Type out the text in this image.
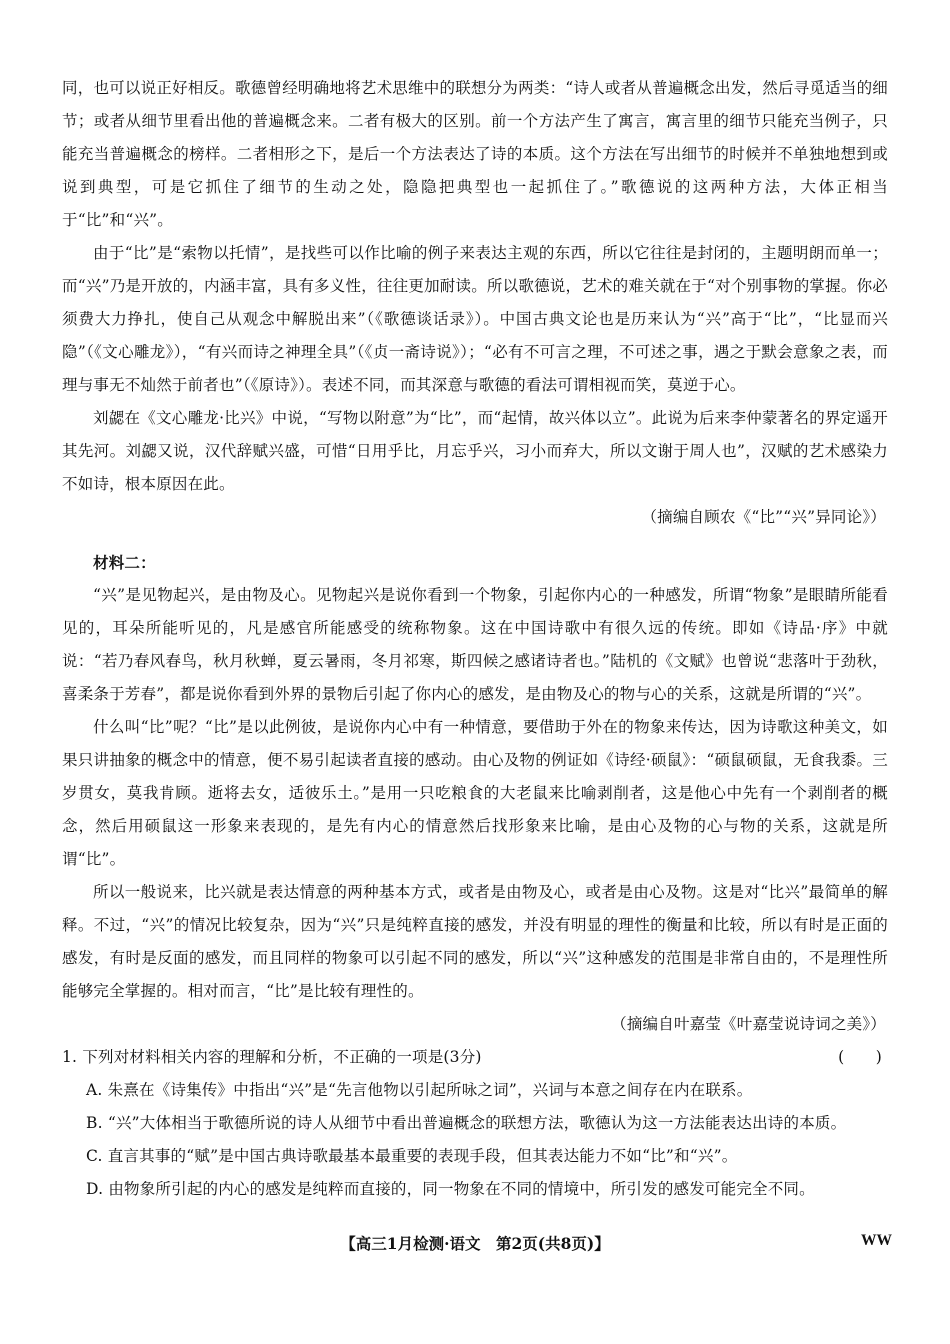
同，也可以说正好相反。歌德曾经明确地将艺术思维中的联想分为两类：“诗人或者从普遍概念出发，然后寻觅适当的细节；或者从细节里看出他的普遍概念来。二者有极大的区别。前一个方法产生了寓言，寓言里的细节只能充当例子，只能充当普遍概念的榜样。二者相形之下，是后一个方法表达了诗的本质。这个方法在写出细节的时候并不单独地想到或说到典型，可是它抓住了细节的生动之处，隐隐把典型也一起抓住了。”歌德说的这两种方法，大体正相当于“比”和“兴”。

由于“比”是“索物以托情”，是找些可以作比喻的例子来表达主观的东西，所以它往往是封闭的，主题明朗而单一；而“兴”乃是开放的，内涵丰富，具有多义性，往往更加耐读。所以歌德说，艺术的难关就在于“对个别事物的掌握。你必须费大力挣扎，使自己从观念中解脱出来”（《歌德谈话录》）。中国古典文论也是历来认为“兴”高于“比”，“比显而兴隐”（《文心雕龙》），“有兴而诗之神理全具”（《贞一斋诗说》）；“必有不可言之理，不可述之事，遇之于默会意象之表，而理与事无不灿然于前者也”（《原诗》）。表述不同，而其深意与歌德的看法可谓相视而笑，莫逆于心。

刘勰在《文心雕龙·比兴》中说，“写物以附意”为“比”，而“起情，故兴体以立”。此说为后来李仲蒙著名的界定遥开其先河。刘勰又说，汉代辞赋兴盛，可惜“日用乎比，月忘乎兴，习小而弃大，所以文谢于周人也”，汉赋的艺术感染力不如诗，根本原因在此。

（摘编自顾农《“比”“兴”异同论》）

材料二：

“兴”是见物起兴，是由物及心。见物起兴是说你看到一个物象，引起你内心的一种感发，所谓“物象”是眼睛所能看见的，耳朵所能听见的，凡是感官所能感受的统称物象。这在中国诗歌中有很久远的传统。即如《诗品·序》中就说：“若乃春风春鸟，秋月秋蝉，夏云暑雨，冬月祁寒，斯四候之感诸诗者也。”陆机的《文赋》也曾说“悲落叶于劲秋，喜柔条于芳春”，都是说你看到外界的景物后引起了你内心的感发，是由物及心的物与心的关系，这就是所谓的“兴”。

什么叫“比”呢？“比”是以此例彼，是说你内心中有一种情意，要借助于外在的物象来传达，因为诗歌这种美文，如果只讲抽象的概念中的情意，便不易引起读者直接的感动。由心及物的例证如《诗经·硕鼠》：“硕鼠硕鼠，无食我黍。三岁贯女，莫我肯顾。逝将去女，适彼乐土。”是用一只吃粮食的大老鼠来比喻剥削者，这是他心中先有一个剥削者的概念，然后用硕鼠这一形象来表现的，是先有内心的情意然后找形象来比喻，是由心及物的心与物的关系，这就是所谓“比”。

所以一般说来，比兴就是表达情意的两种基本方式，或者是由物及心，或者是由心及物。这是对“比兴”最简单的解释。不过，“兴”的情况比较复杂，因为“兴”只是纯粹直接的感发，并没有明显的理性的衡量和比较，所以有时是正面的感发，有时是反面的感发，而且同样的物象可以引起不同的感发，所以“兴”这种感发的范围是非常自由的，不是理性所能够完全掌握的。相对而言，“比”是比较有理性的。

（摘编自叶嘉莹《叶嘉莹说诗词之美》）

1. 下列对材料相关内容的理解和分析，不正确的一项是(3分)	(　　)

A. 朱熹在《诗集传》中指出“兴”是“先言他物以引起所咏之词”，兴词与本意之间存在内在联系。

B. “兴”大体相当于歌德所说的诗人从细节中看出普遍概念的联想方法，歌德认为这一方法能表达出诗的本质。

C. 直言其事的“赋”是中国古典诗歌最基本最重要的表现手段，但其表达能力不如“比”和“兴”。

D. 由物象所引起的内心的感发是纯粹而直接的，同一物象在不同的情境中，所引发的感发可能完全不同。

【高三1月检测·语文　第2页(共8页)】	WW
